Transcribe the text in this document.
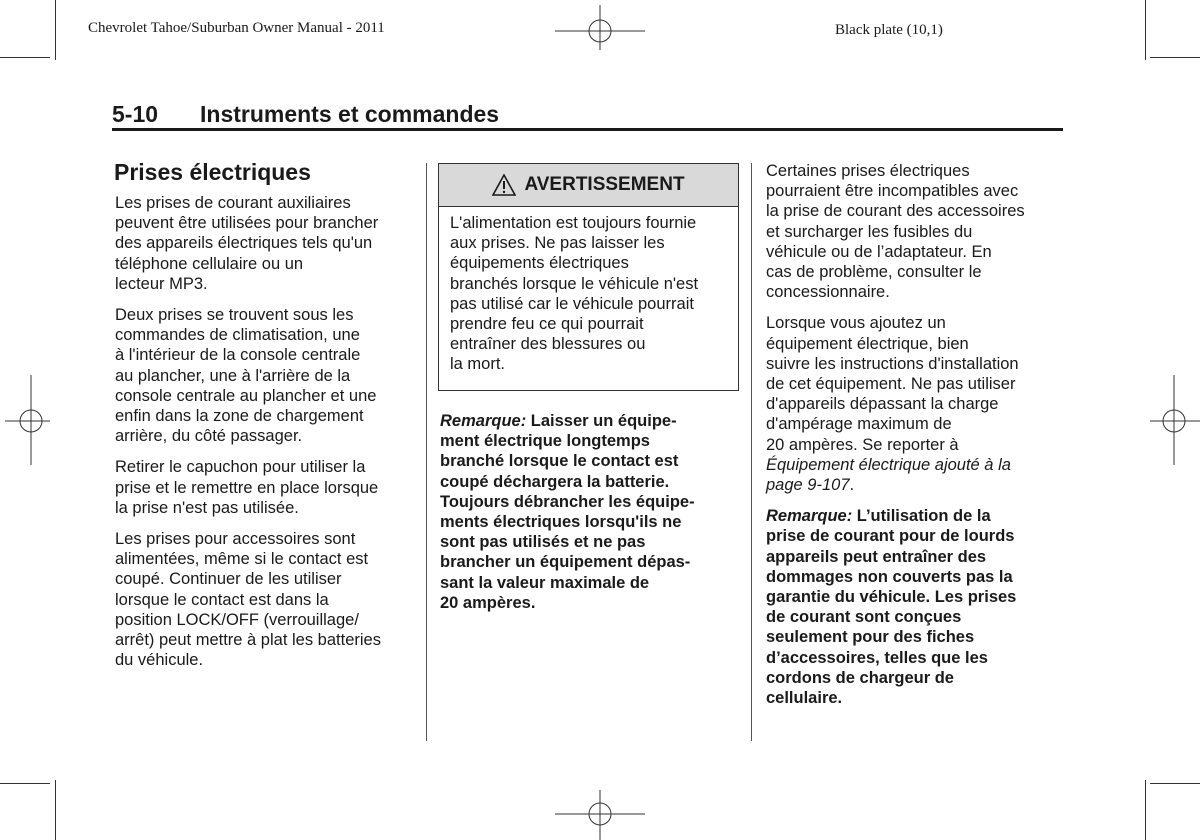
Chevrolet Tahoe/Suburban Owner Manual - 2011	Black plate (10,1)
5-10 Instruments et commandes
Prises électriques

Les prises de courant auxiliaires
peuvent être utilisées pour brancher
des appareils électriques tels qu'un
téléphone cellulaire ou un
lecteur MP3.

Deux prises se trouvent sous les
commandes de climatisation, une
à l'intérieur de la console centrale
au plancher, une à l'arrière de la
console centrale au plancher et une
enfin dans la zone de chargement
arrière, du côté passager.

Retirer le capuchon pour utiliser la
prise et le remettre en place lorsque
la prise n'est pas utilisée.

Les prises pour accessoires sont
alimentées, même si le contact est
coupé. Continuer de les utiliser
lorsque le contact est dans la
position LOCK/OFF (verrouillage/
arrêt) peut mettre à plat les batteries
du véhicule.

AVERTISSEMENT
L'alimentation est toujours fournie
aux prises. Ne pas laisser les
équipements électriques
branchés lorsque le véhicule n'est
pas utilisé car le véhicule pourrait
prendre feu ce qui pourrait
entraîner des blessures ou
la mort.
Remarque: Laisser un équipe-
ment électrique longtemps
branché lorsque le contact est
coupé déchargera la batterie.
Toujours débrancher les équipe-
ments électriques lorsqu'ils ne
sont pas utilisés et ne pas
brancher un équipement dépas-
sant la valeur maximale de
20 ampères.

Certaines prises électriques
pourraient être incompatibles avec
la prise de courant des accessoires
et surcharger les fusibles du
véhicule ou de l’adaptateur. En
cas de problème, consulter le
concessionnaire.

Lorsque vous ajoutez un
équipement électrique, bien
suivre les instructions d'installation
de cet équipement. Ne pas utiliser
d'appareils dépassant la charge
d'ampérage maximum de
20 ampères. Se reporter à
Équipement électrique ajouté à la
page 9-107.

Remarque: L’utilisation de la
prise de courant pour de lourds
appareils peut entraîner des
dommages non couverts pas la
garantie du véhicule. Les prises
de courant sont conçues
seulement pour des fiches
d’accessoires, telles que les
cordons de chargeur de
cellulaire.
